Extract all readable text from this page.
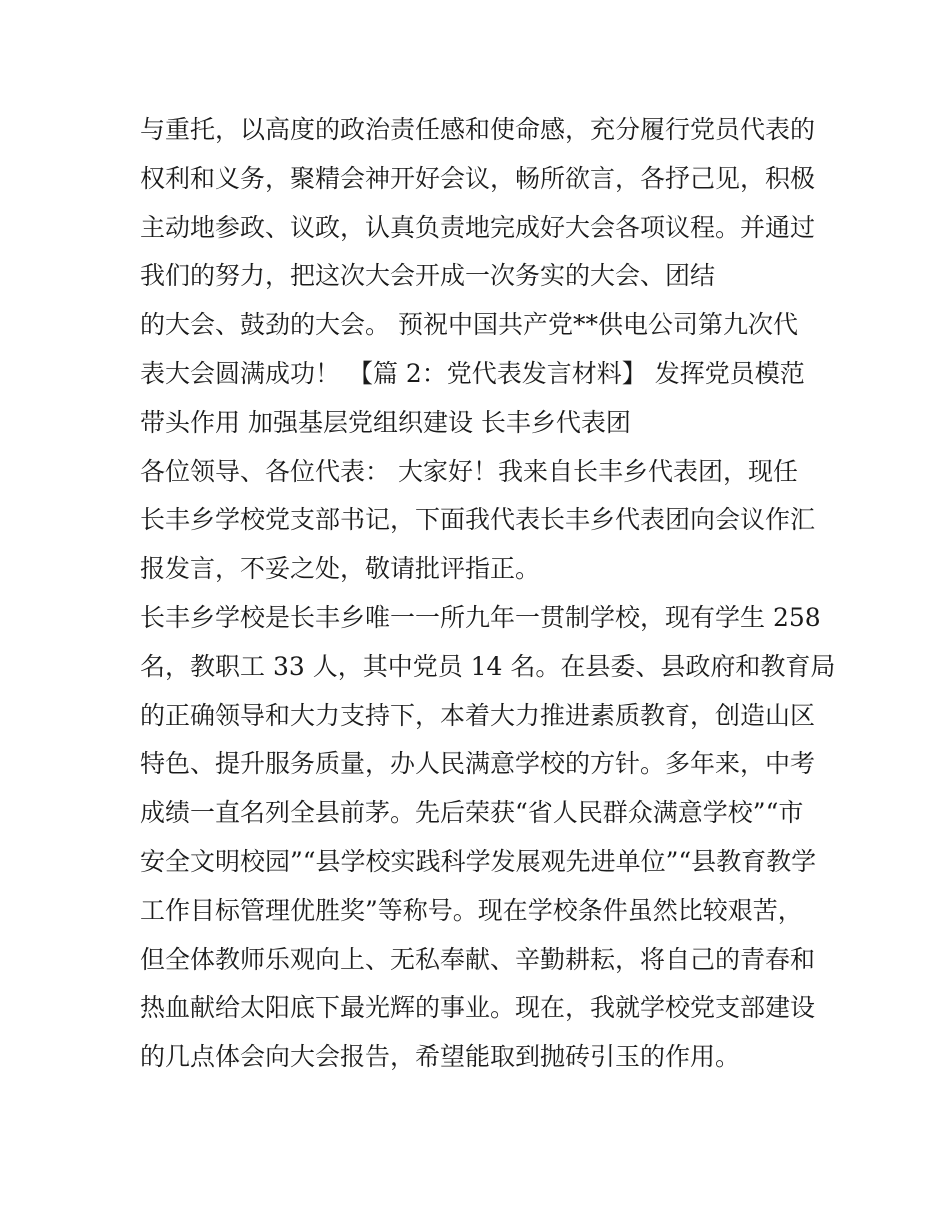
与重托，以高度的政治责任感和使命感，充分履行党员代表的
权利和义务，聚精会神开好会议，畅所欲言，各抒己见，积极
主动地参政、议政，认真负责地完成好大会各项议程。并通过
我们的努力，把这次大会开成一次务实的大会、团结
的大会、鼓劲的大会。 预祝中国共产党**供电公司第九次代
表大会圆满成功！ 【篇 2：党代表发言材料】 发挥党员模范
带头作用 加强基层党组织建设 长丰乡代表团
各位领导、各位代表： 大家好！我来自长丰乡代表团，现任
长丰乡学校党支部书记，下面我代表长丰乡代表团向会议作汇
报发言，不妥之处，敬请批评指正。
长丰乡学校是长丰乡唯一一所九年一贯制学校，现有学生 258
名，教职工 33 人，其中党员 14 名。在县委、县政府和教育局
的正确领导和大力支持下，本着大力推进素质教育，创造山区
特色、提升服务质量，办人民满意学校的方针。多年来，中考
成绩一直名列全县前茅。先后荣获“省人民群众满意学校”“市
安全文明校园”“县学校实践科学发展观先进单位”“县教育教学
工作目标管理优胜奖”等称号。现在学校条件虽然比较艰苦，
但全体教师乐观向上、无私奉献、辛勤耕耘，将自己的青春和
热血献给太阳底下最光辉的事业。现在，我就学校党支部建设
的几点体会向大会报告，希望能取到抛砖引玉的作用。
